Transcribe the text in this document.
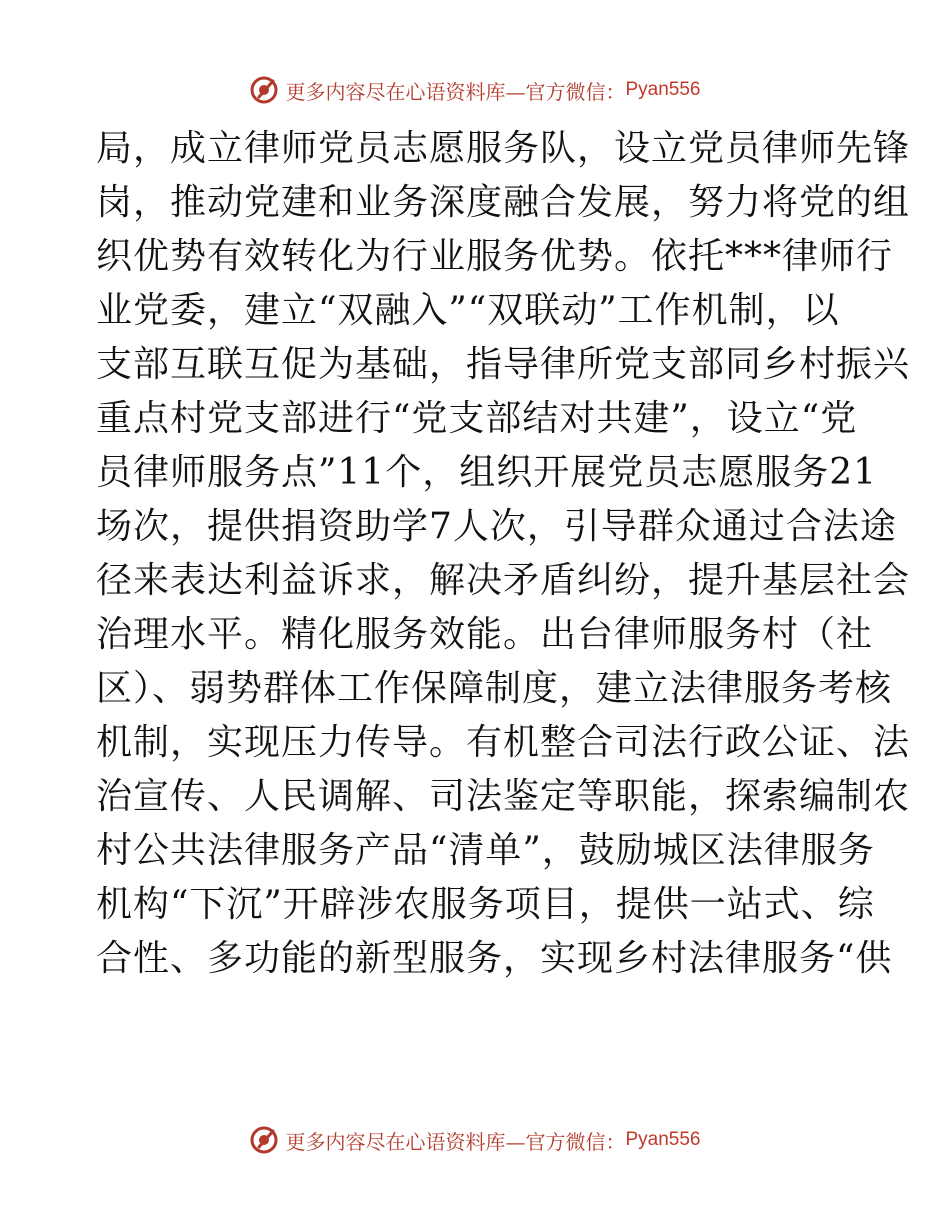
更多内容尽在心语资料库—官方微信： Pyan556
局，成立律师党员志愿服务队，设立党员律师先锋
岗，推动党建和业务深度融合发展，努力将党的组
织优势有效转化为行业服务优势。依托***律师行
业党委，建立“双融入”“双联动”工作机制，以
支部互联互促为基础，指导律所党支部同乡村振兴
重点村党支部进行“党支部结对共建”，设立“党
员律师服务点”11个，组织开展党员志愿服务21
场次，提供捐资助学7人次，引导群众通过合法途
径来表达利益诉求，解决矛盾纠纷，提升基层社会
治理水平。精化服务效能。出台律师服务村（社
区）、弱势群体工作保障制度，建立法律服务考核
机制，实现压力传导。有机整合司法行政公证、法
治宣传、人民调解、司法鉴定等职能，探索编制农
村公共法律服务产品“清单”，鼓励城区法律服务
机构“下沉”开辟涉农服务项目，提供一站式、综
合性、多功能的新型服务，实现乡村法律服务“供
更多内容尽在心语资料库—官方微信： Pyan556
